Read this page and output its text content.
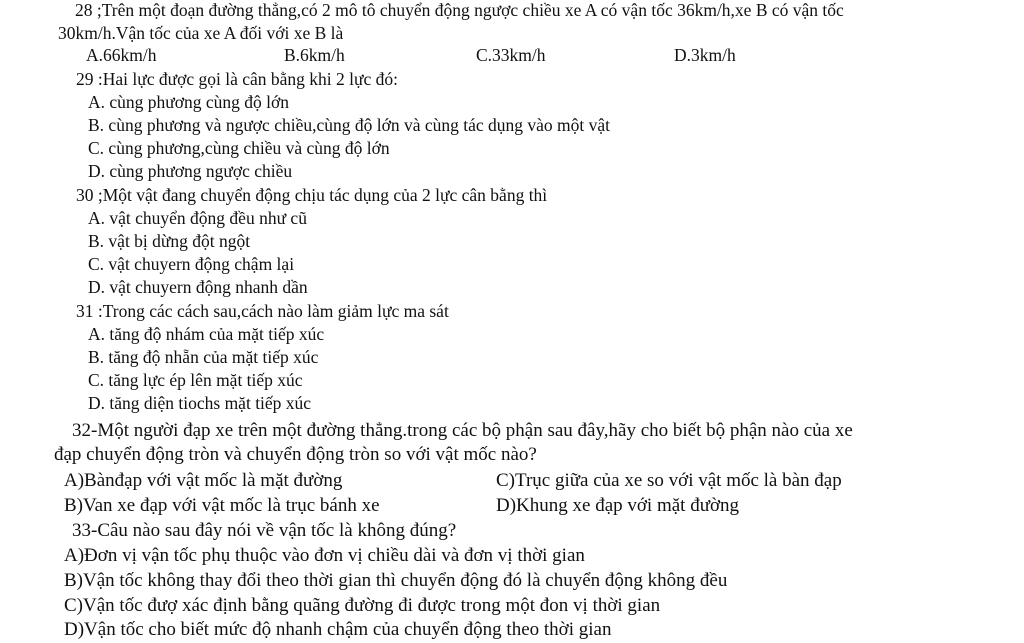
28 ;Trên một đoạn đường thẳng,có 2 mô tô chuyển động ngược chiều xe A có vận tốc 36km/h,xe B có vận tốc
30km/h.Vận tốc của xe A đối với xe B là
A.66km/h	B.6km/h	C.33km/h	D.3km/h
29 :Hai lực được gọi là cân bằng khi 2 lực đó:
A. cùng phương cùng độ lớn
B. cùng phương và ngược chiều,cùng độ lớn và cùng tác dụng vào một vật
C. cùng phương,cùng chiều và cùng độ lớn
D. cùng phương ngược chiều
30 ;Một vật đang chuyển động chịu tác dụng của 2 lực cân bằng thì
A. vật chuyển động đều như cũ
B. vật bị dừng đột ngột
C. vật chuyern động chậm lại
D. vật chuyern động nhanh dần
31 :Trong các cách sau,cách nào làm giảm lực ma sát
A. tăng độ nhám của mặt tiếp xúc
B. tăng độ nhẵn của mặt tiếp xúc
C. tăng lực ép lên mặt tiếp xúc
D. tăng diện tiochs mặt tiếp xúc
32-Một người đạp xe trên một đường thẳng.trong các bộ phận sau đây,hãy cho biết bộ phận nào của xe
đạp chuyển động tròn và chuyển động tròn so với vật mốc nào?
A)Bànđạp với vật mốc là mặt đường	C)Trục giữa của xe so với vật mốc là bàn đạp
B)Van xe đạp với vật mốc là trục bánh xe	D)Khung xe đạp với mặt đường
33-Câu nào sau đây nói về vận tốc là không đúng?
A)Đơn vị vận tốc phụ thuộc vào đơn vị chiều dài và đơn vị thời gian
B)Vận tốc không thay đổi theo thời gian thì chuyển động đó là chuyển động không đều
C)Vận tốc đượ xác định bằng quãng đường đi được trong một đon vị thời gian
D)Vận tốc cho biết mức độ nhanh chậm của chuyển động theo thời gian
